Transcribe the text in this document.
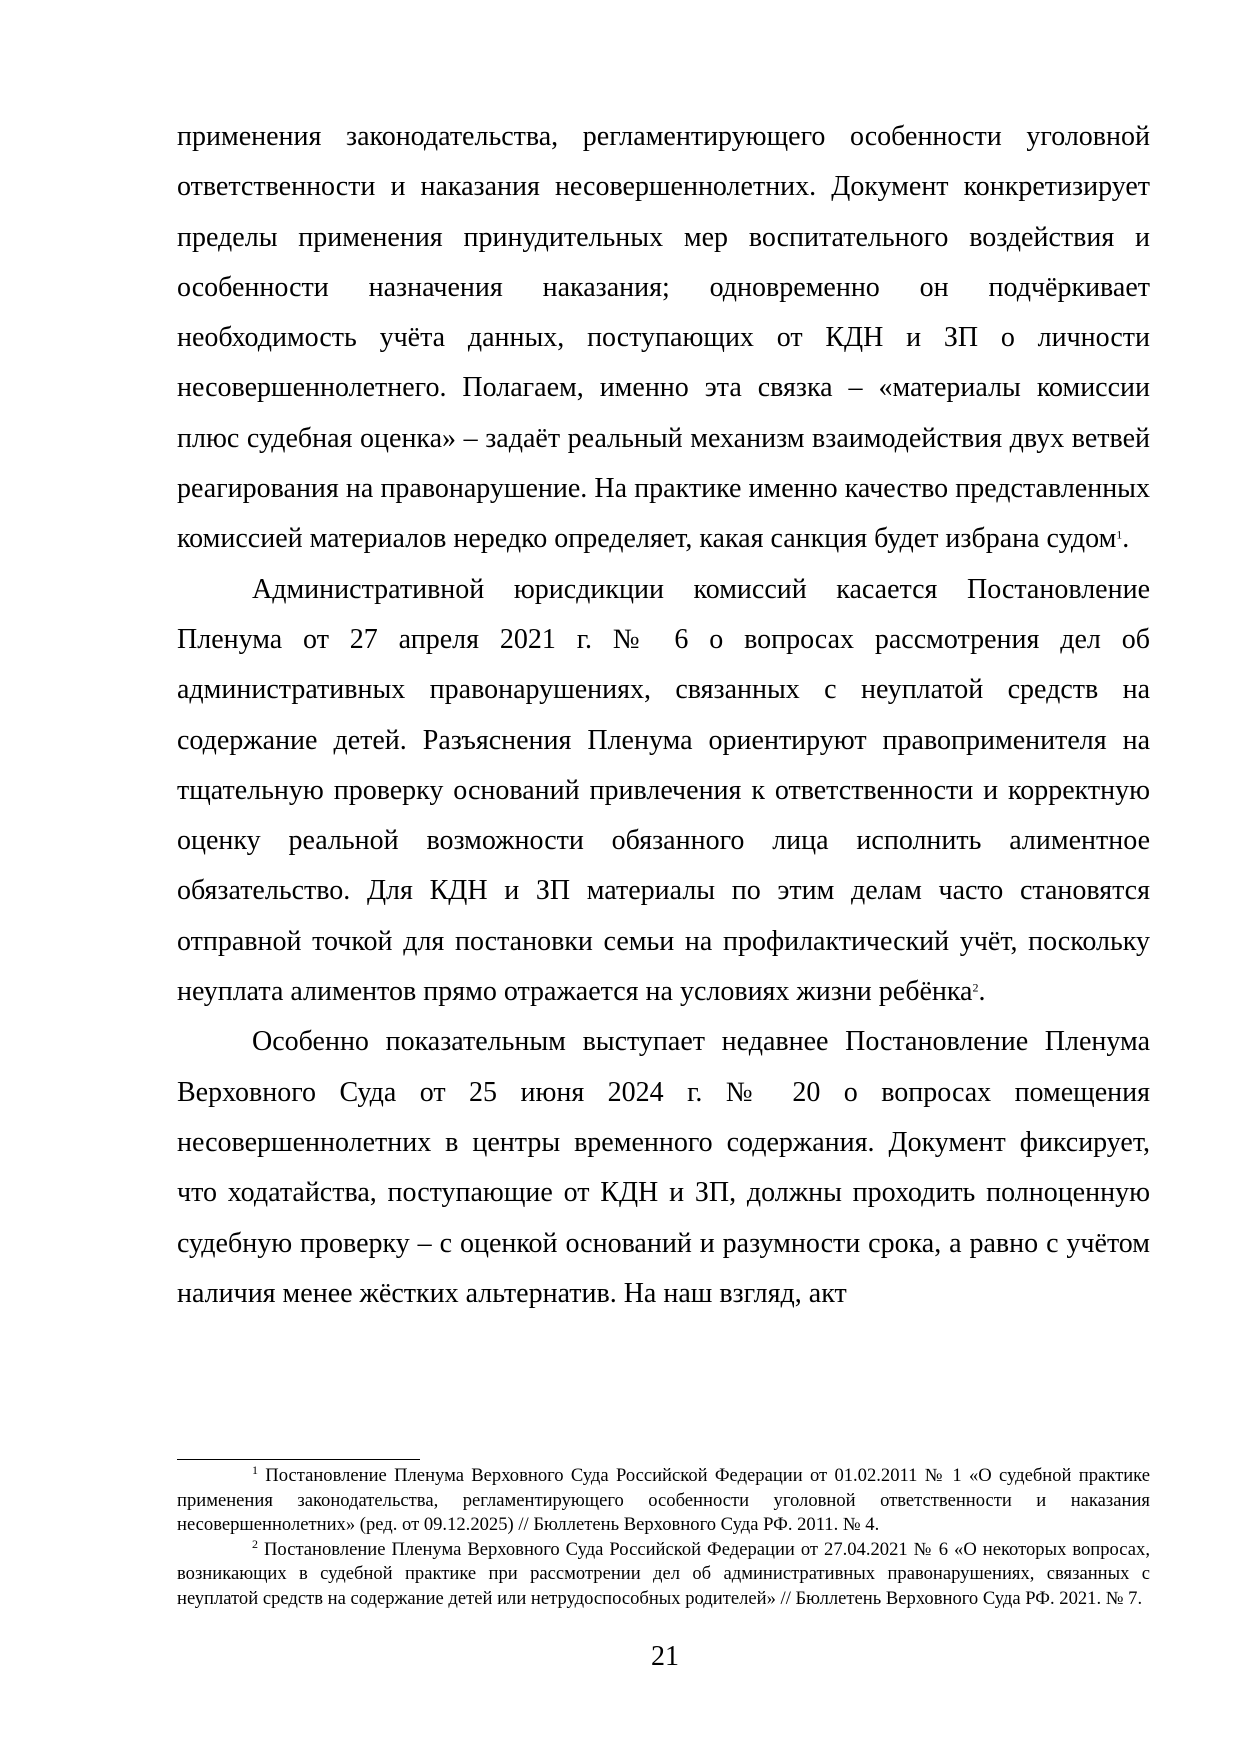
применения законодательства, регламентирующего особенности уголовной ответственности и наказания несовершеннолетних. Документ конкретизирует пределы применения принудительных мер воспитательного воздействия и особенности назначения наказания; одновременно он подчёркивает необходимость учёта данных, поступающих от КДН и ЗП о личности несовершеннолетнего. Полагаем, именно эта связка – «материалы комиссии плюс судебная оценка» – задаёт реальный механизм взаимодействия двух ветвей реагирования на правонарушение. На практике именно качество представленных комиссией материалов нередко определяет, какая санкция будет избрана судом$^1$.

Административной юрисдикции комиссий касается Постановление Пленума от 27 апреля 2021 г. № 6 о вопросах рассмотрения дел об административных правонарушениях, связанных с неуплатой средств на содержание детей. Разъяснения Пленума ориентируют правоприменителя на тщательную проверку оснований привлечения к ответственности и корректную оценку реальной возможности обязанного лица исполнить алиментное обязательство. Для КДН и ЗП материалы по этим делам часто становятся отправной точкой для постановки семьи на профилактический учёт, поскольку неуплата алиментов прямо отражается на условиях жизни ребёнка$^2$.

Особенно показательным выступает недавнее Постановление Пленума Верховного Суда от 25 июня 2024 г. № 20 о вопросах помещения несовершеннолетних в центры временного содержания. Документ фиксирует, что ходатайства, поступающие от КДН и ЗП, должны проходить полноценную судебную проверку – с оценкой оснований и разумности срока, а равно с учётом наличия менее жёстких альтернатив. На наш взгляд, акт

$^1$ Постановление Пленума Верховного Суда Российской Федерации от 01.02.2011 № 1 «О судебной практике применения законодательства, регламентирующего особенности уголовной ответственности и наказания несовершеннолетних» (ред. от 09.12.2025) // Бюллетень Верховного Суда РФ. 2011. № 4.

$^2$ Постановление Пленума Верховного Суда Российской Федерации от 27.04.2021 № 6 «О некоторых вопросах, возникающих в судебной практике при рассмотрении дел об административных правонарушениях, связанных с неуплатой средств на содержание детей или нетрудоспособных родителей» // Бюллетень Верховного Суда РФ. 2021. № 7.

21
